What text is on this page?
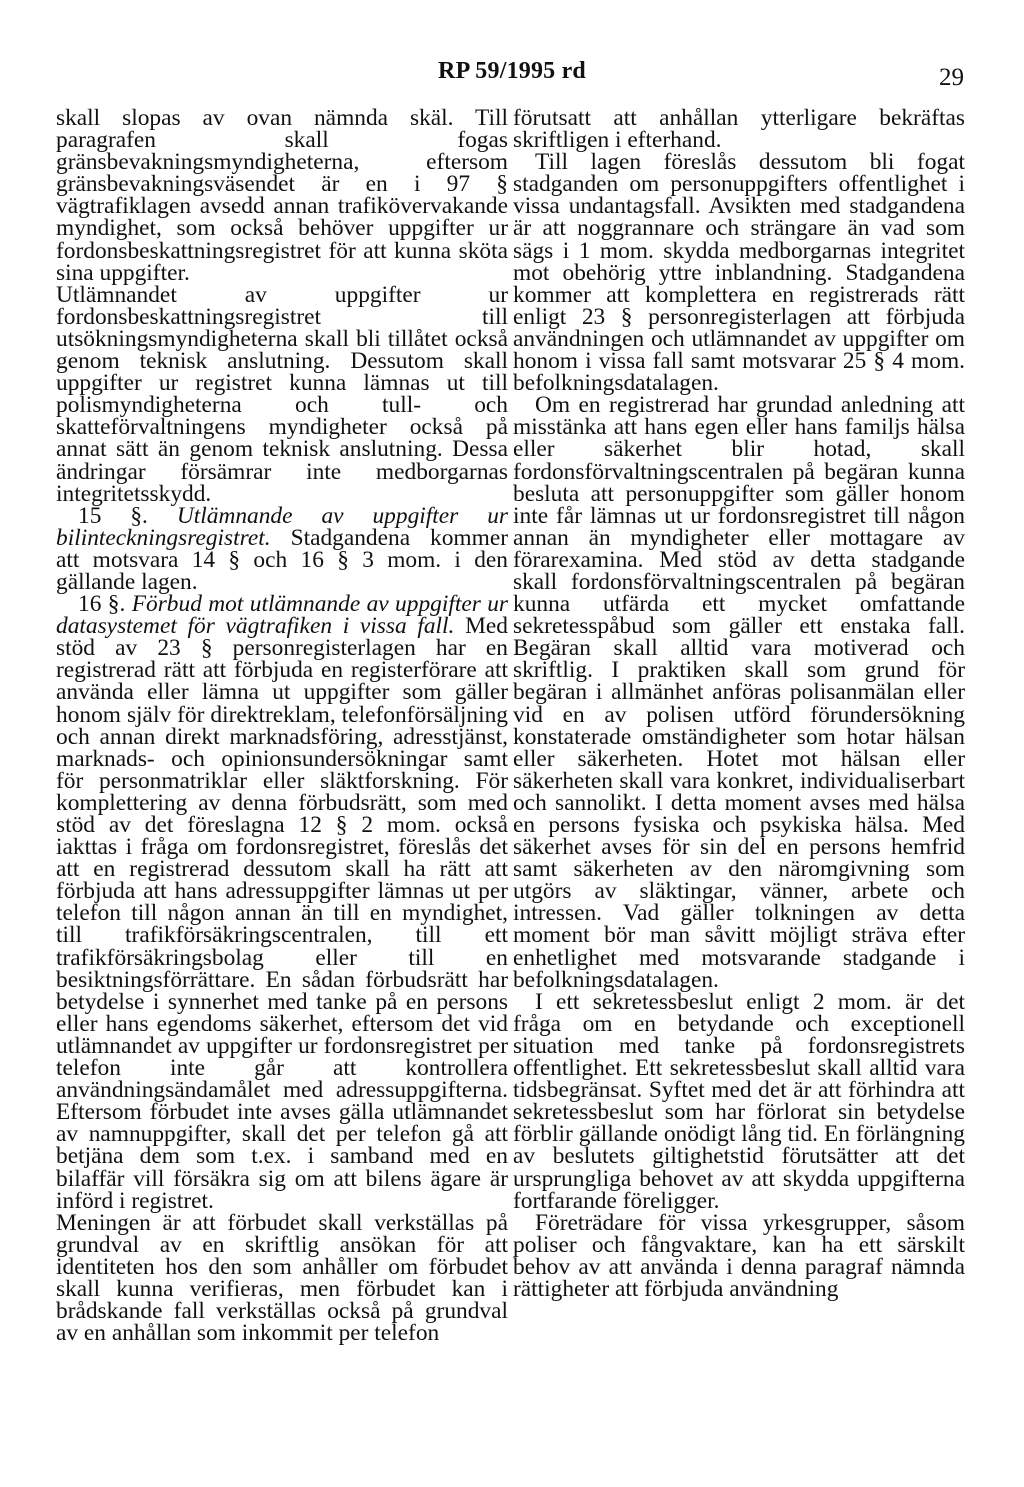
RP 59/1995 rd	29

skall slopas av ovan nämnda skäl. Till paragrafen skall fogas gränsbevakningsmyndigheterna, eftersom gränsbevakningsväsendet är en i 97 § vägtrafiklagen avsedd annan trafikövervakande myndighet, som också behöver uppgifter ur fordonsbeskattningsregistret för att kunna sköta sina uppgifter.

Utlämnandet av uppgifter ur fordonsbeskattningsregistret till utsökningsmyndigheterna skall bli tillåtet också genom teknisk anslutning. Dessutom skall uppgifter ur registret kunna lämnas ut till polismyndigheterna och tull- och skatteförvaltningens myndigheter också på annat sätt än genom teknisk anslutning. Dessa ändringar försämrar inte medborgarnas integritetsskydd.

15 §. Utlämnande av uppgifter ur bilinteckningsregistret. Stadgandena kommer att motsvara 14 § och 16 § 3 mom. i den gällande lagen.

16 §. Förbud mot utlämnande av uppgifter ur datasystemet för vägtrafiken i vissa fall. Med stöd av 23 § personregisterlagen har en registrerad rätt att förbjuda en registerförare att använda eller lämna ut uppgifter som gäller honom själv för direktreklam, telefonförsäljning och annan direkt marknadsföring, adresstjänst, marknads- och opinionsundersökningar samt för personmatriklar eller släktforskning. För komplettering av denna förbudsrätt, som med stöd av det föreslagna 12 § 2 mom. också iakttas i fråga om fordonsregistret, föreslås det att en registrerad dessutom skall ha rätt att förbjuda att hans adressuppgifter lämnas ut per telefon till någon annan än till en myndighet, till trafikförsäkringscentralen, till ett trafikförsäkringsbolag eller till en besiktningsförrättare. En sådan förbudsrätt har betydelse i synnerhet med tanke på en persons eller hans egendoms säkerhet, eftersom det vid utlämnandet av uppgifter ur fordonsregistret per telefon inte går att kontrollera användningsändamålet med adressuppgifterna. Eftersom förbudet inte avses gälla utlämnandet av namnuppgifter, skall det per telefon gå att betjäna dem som t.ex. i samband med en bilaffär vill försäkra sig om att bilens ägare är införd i registret.

Meningen är att förbudet skall verkställas på grundval av en skriftlig ansökan för att identiteten hos den som anhåller om förbudet skall kunna verifieras, men förbudet kan i brådskande fall verkställas också på grundval av en anhållan som inkommit per telefon

förutsatt att anhållan ytterligare bekräftas skriftligen i efterhand.

Till lagen föreslås dessutom bli fogat stadganden om personuppgifters offentlighet i vissa undantagsfall. Avsikten med stadgandena är att noggrannare och strängare än vad som sägs i 1 mom. skydda medborgarnas integritet mot obehörig yttre inblandning. Stadgandena kommer att komplettera en registrerads rätt enligt 23 § personregisterlagen att förbjuda användningen och utlämnandet av uppgifter om honom i vissa fall samt motsvarar 25 § 4 mom. befolkningsdatalagen.

Om en registrerad har grundad anledning att misstänka att hans egen eller hans familjs hälsa eller säkerhet blir hotad, skall fordonsförvaltningscentralen på begäran kunna besluta att personuppgifter som gäller honom inte får lämnas ut ur fordonsregistret till någon annan än myndigheter eller mottagare av förarexamina. Med stöd av detta stadgande skall fordonsförvaltningscentralen på begäran kunna utfärda ett mycket omfattande sekretesspåbud som gäller ett enstaka fall. Begäran skall alltid vara motiverad och skriftlig. I praktiken skall som grund för begäran i allmänhet anföras polisanmälan eller vid en av polisen utförd förundersökning konstaterade omständigheter som hotar hälsan eller säkerheten. Hotet mot hälsan eller säkerheten skall vara konkret, individualiserbart och sannolikt. I detta moment avses med hälsa en persons fysiska och psykiska hälsa. Med säkerhet avses för sin del en persons hemfrid samt säkerheten av den näromgivning som utgörs av släktingar, vänner, arbete och intressen. Vad gäller tolkningen av detta moment bör man såvitt möjligt sträva efter enhetlighet med motsvarande stadgande i befolkningsdatalagen.

I ett sekretessbeslut enligt 2 mom. är det fråga om en betydande och exceptionell situation med tanke på fordonsregistrets offentlighet. Ett sekretessbeslut skall alltid vara tidsbegränsat. Syftet med det är att förhindra att sekretessbeslut som har förlorat sin betydelse förblir gällande onödigt lång tid. En förlängning av beslutets giltighetstid förutsätter att det ursprungliga behovet av att skydda uppgifterna fortfarande föreligger.

Företrädare för vissa yrkesgrupper, såsom poliser och fångvaktare, kan ha ett särskilt behov av att använda i denna paragraf nämnda rättigheter att förbjuda användning
